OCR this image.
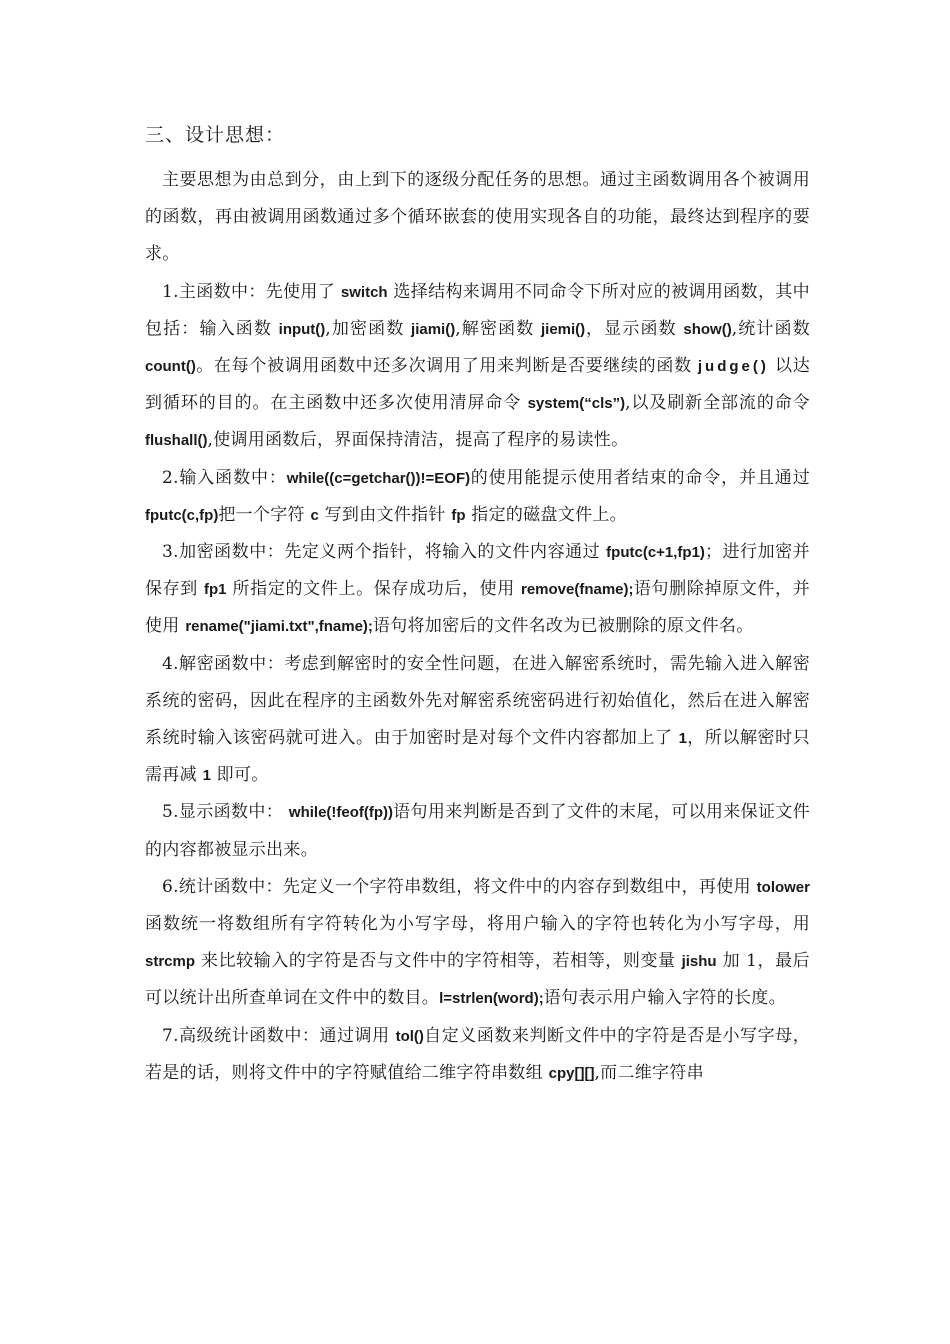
三、设计思想：

主要思想为由总到分，由上到下的逐级分配任务的思想。通过主函数调用各个被调用的函数，再由被调用函数通过多个循环嵌套的使用实现各自的功能，最终达到程序的要求。

1.主函数中：先使用了 switch 选择结构来调用不同命令下所对应的被调用函数，其中包括：输入函数 input(),加密函数 jiami(),解密函数 jiemi()，显示函数 show(),统计函数 count()。在每个被调用函数中还多次调用了用来判断是否要继续的函数 judge() 以达到循环的目的。在主函数中还多次使用清屏命令 system(“cls”),以及刷新全部流的命令 flushall(),使调用函数后，界面保持清洁，提高了程序的易读性。

2.输入函数中：while((c=getchar())!=EOF)的使用能提示使用者结束的命令，并且通过 fputc(c,fp)把一个字符 c 写到由文件指针 fp 指定的磁盘文件上。

3.加密函数中：先定义两个指针，将输入的文件内容通过 fputc(c+1,fp1)；进行加密并保存到 fp1 所指定的文件上。保存成功后，使用 remove(fname);语句删除掉原文件，并使用 rename("jiami.txt",fname);语句将加密后的文件名改为已被删除的原文件名。

4.解密函数中：考虑到解密时的安全性问题，在进入解密系统时，需先输入进入解密系统的密码，因此在程序的主函数外先对解密系统密码进行初始值化，然后在进入解密系统时输入该密码就可进入。由于加密时是对每个文件内容都加上了 1，所以解密时只需再减 1 即可。

5.显示函数中： while(!feof(fp))语句用来判断是否到了文件的末尾，可以用来保证文件的内容都被显示出来。

6.统计函数中：先定义一个字符串数组，将文件中的内容存到数组中，再使用 tolower 函数统一将数组所有字符转化为小写字母，将用户输入的字符也转化为小写字母，用 strcmp 来比较输入的字符是否与文件中的字符相等，若相等，则变量 jishu 加 1，最后可以统计出所查单词在文件中的数目。l=strlen(word);语句表示用户输入字符的长度。

7.高级统计函数中：通过调用 tol()自定义函数来判断文件中的字符是否是小写字母，若是的话，则将文件中的字符赋值给二维字符串数组 cpy[][],而二维字符串
